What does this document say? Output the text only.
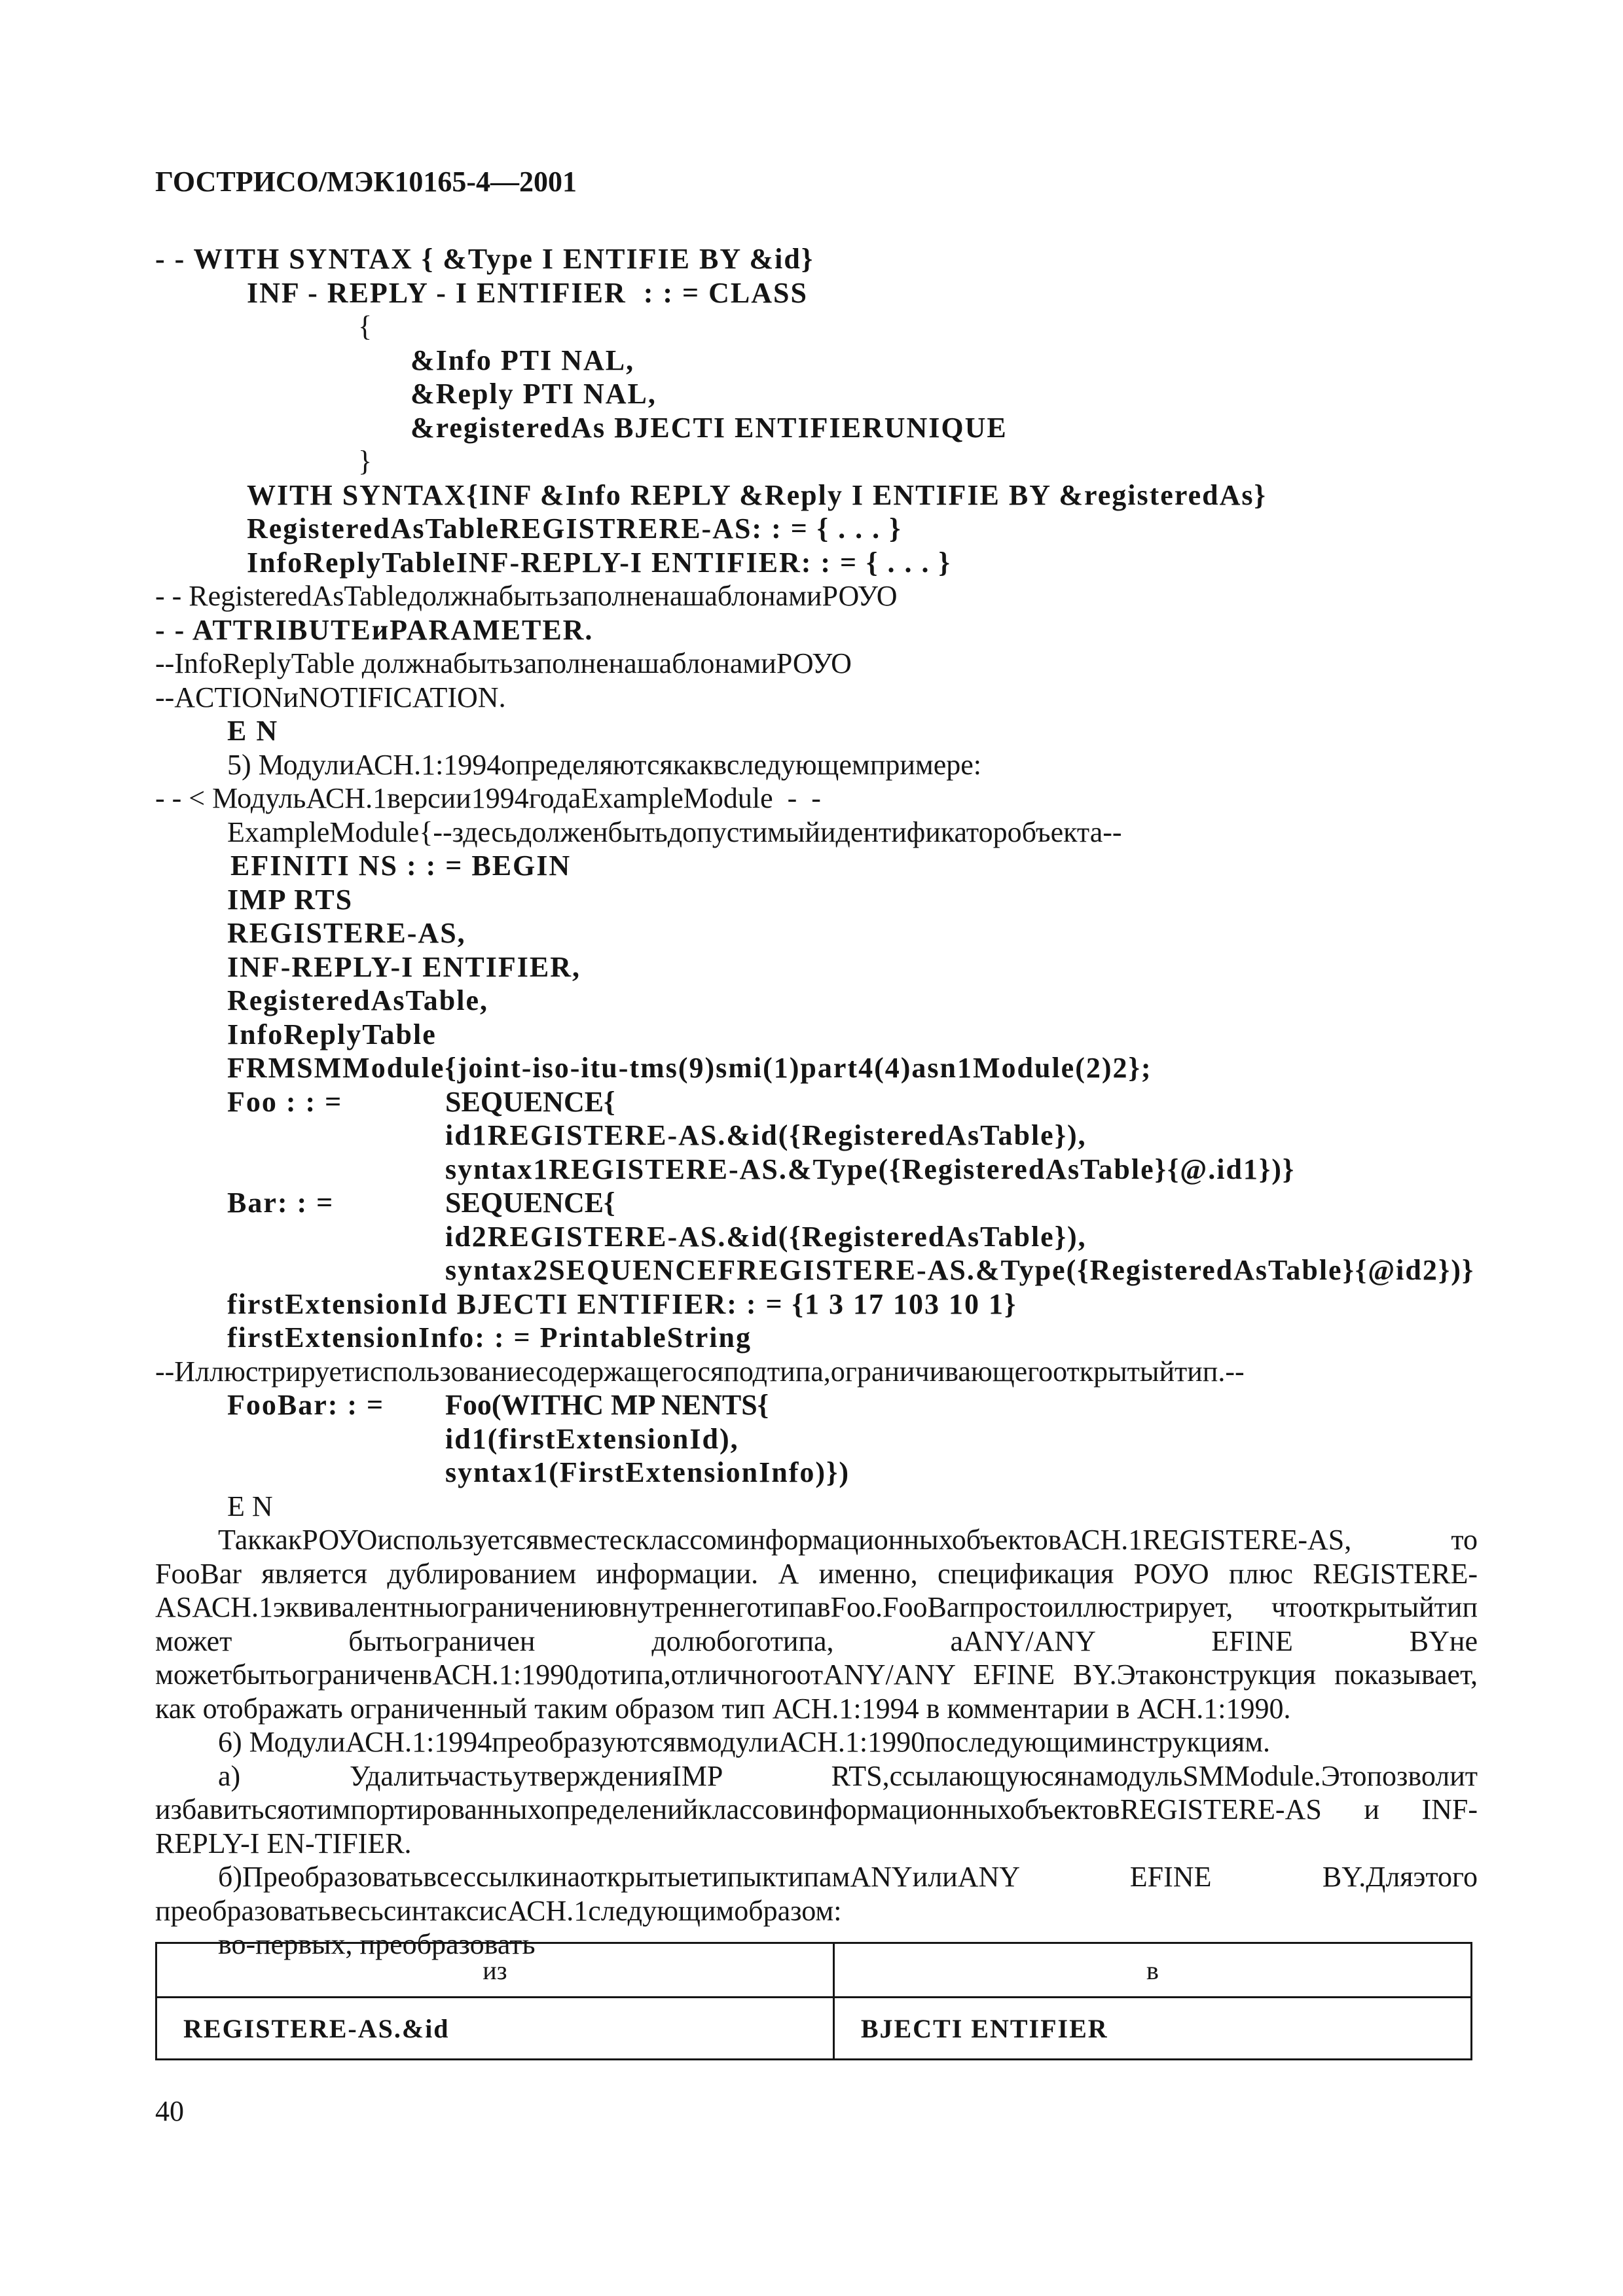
ГОСТРИСО/МЭК10165-4—2001
- - WITH SYNTAX { &Type I ENTIFIE BY &id}
INF - REPLY - I ENTIFIER  : : = CLASS
{
&Info PTI NAL,
&Reply PTI NAL,
&registeredAs BJECTI ENTIFIERUNIQUE
}
WITH SYNTAX{INF &Info REPLY &Reply I ENTIFIE BY &registeredAs}
RegisteredAsTableREGISTRERE-AS: : = { . . . }
InfoReplyTableINF-REPLY-I ENTIFIER: : = { . . . }
- - RegisteredAsTableдолжнабытьзаполненашаблонамиРОУО
- - ATTRIBUTEиPARAMETER.
--InfoReplyTable должнабытьзаполненашаблонамиРОУО
--ACTIONиNOTIFICATION.
E N
5) МодулиАСН.1:1994определяютсякаквследующемпримере:
- - < МодульАСН.1версии1994годаExampleModule  -  -
ExampleModule{--здесьдолженбытьдопустимыйидентификаторобъекта--
EFINITI NS : : = BEGIN
IMP RTS
REGISTERE-AS,
INF-REPLY-I ENTIFIER,
RegisteredAsTable,
InfoReplyTable
FRMSMModule{joint-iso-itu-tms(9)smi(1)part4(4)asn1Module(2)2};
Foo : : =	SEQUENCE{
id1REGISTERE-AS.&id({RegisteredAsTable}),
syntax1REGISTERE-AS.&Type({RegisteredAsTable}{@.id1})}
Bar: : =	SEQUENCE{
id2REGISTERE-AS.&id({RegisteredAsTable}),
syntax2SEQUENCEFREGISTERE-AS.&Type({RegisteredAsTable}{@id2})}
firstExtensionId BJECTI ENTIFIER: : = {1 3 17 103 10 1}
firstExtensionInfo: : = PrintableString
--Иллюстрируетиспользованиесодержащегосяподтипа,ограничивающегооткрытыйтип.--
FooBar: : = Foo(WITHC MP NENTS{
id1(firstExtensionId),
syntax1(FirstExtensionInfo)})
E N
ТаккакРОУОиспользуетсявместесклассоминформационныхобъектовАСН.1REGISTERE-AS, то FooBar является дублированием информации. А именно, спецификация РОУО плюс REGISTERE-ASАСН.1эквивалентныограничениювнутреннеготипавFoo.FooBarпростоиллюстрирует, чтооткрытыйтип может бытьограничен долюбоготипа, аANY/ANY EFINE BYне можетбытьограниченвАСН.1:1990дотипа,отличногоотANY/ANY EFINE BY.Этаконструкция показывает, как отображать ограниченный таким образом тип АСН.1:1994 в комментарии в АСН.1:1990.
6) МодулиАСН.1:1994преобразуютсявмодулиАСН.1:1990последующиминструкциям.
а) УдалитьчастьутвержденияIMP RTS,ссылающуюсянамодульSMModule.Этопозволит избавитьсяотимпортированныхопределенийклассовинформационныхобъектовREGISTERE-AS и INF-REPLY-I EN-TIFIER.
б)ПреобразоватьвсессылкинаоткрытыетипыктипамANYилиANY EFINE BY.Дляэтого преобразоватьвесьсинтаксисАСН.1следующимобразом:
во-первых, преобразовать
из	в
REGISTERE-AS.&id	BJECTI ENTIFIER
40
